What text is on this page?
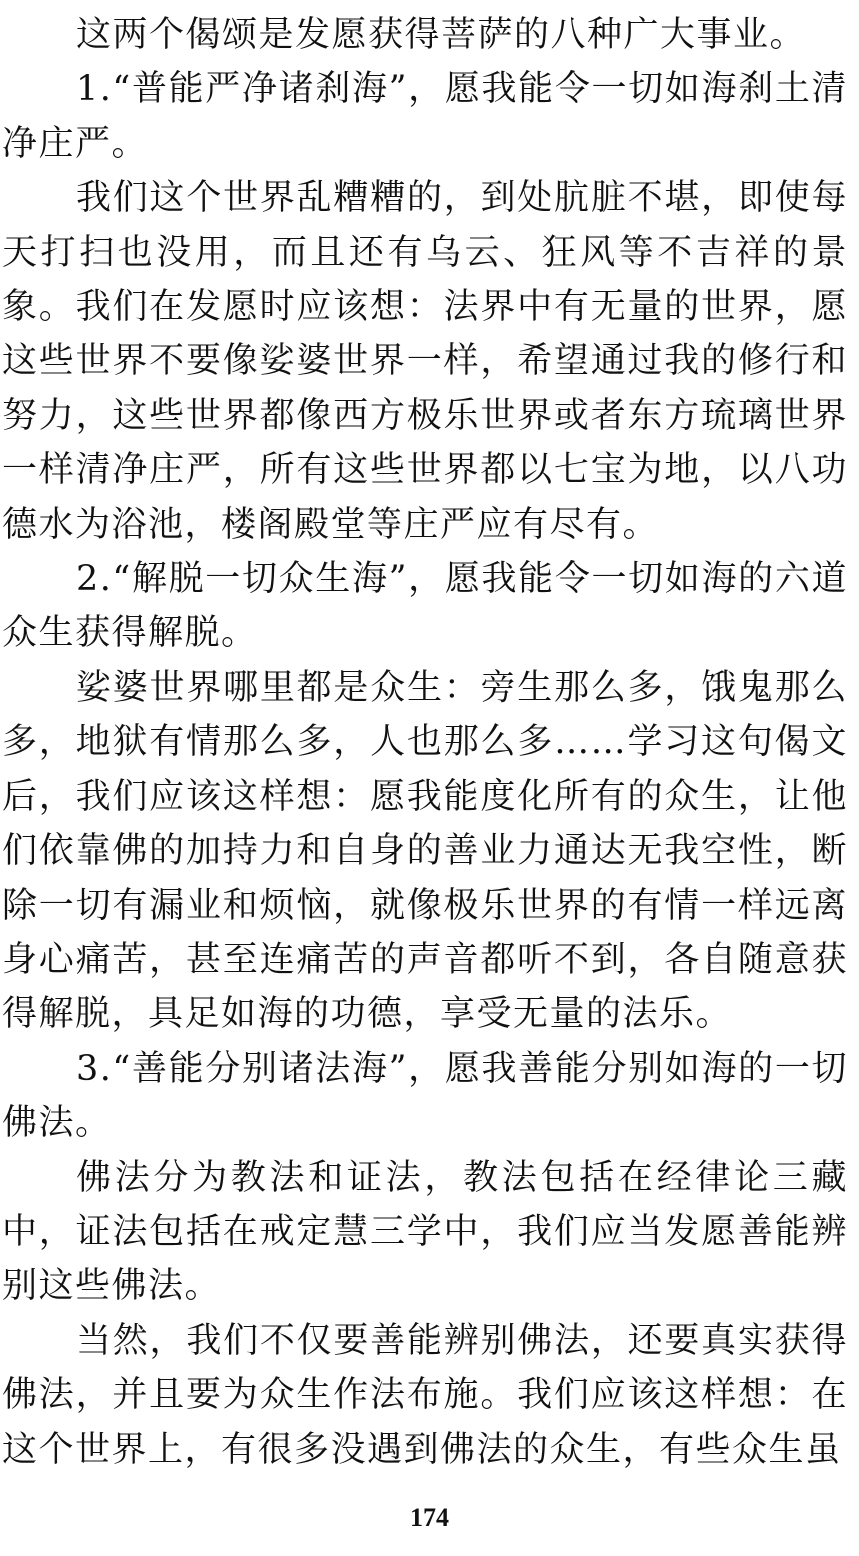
这两个偈颂是发愿获得菩萨的八种广大事业。

1.“普能严净诸刹海”，愿我能令一切如海刹土清净庄严。

我们这个世界乱糟糟的，到处肮脏不堪，即使每天打扫也没用，而且还有乌云、狂风等不吉祥的景象。我们在发愿时应该想：法界中有无量的世界，愿这些世界不要像娑婆世界一样，希望通过我的修行和努力，这些世界都像西方极乐世界或者东方琉璃世界一样清净庄严，所有这些世界都以七宝为地，以八功德水为浴池，楼阁殿堂等庄严应有尽有。

2.“解脱一切众生海”，愿我能令一切如海的六道众生获得解脱。

娑婆世界哪里都是众生：旁生那么多，饿鬼那么多，地狱有情那么多，人也那么多……学习这句偈文后，我们应该这样想：愿我能度化所有的众生，让他们依靠佛的加持力和自身的善业力通达无我空性，断除一切有漏业和烦恼，就像极乐世界的有情一样远离身心痛苦，甚至连痛苦的声音都听不到，各自随意获得解脱，具足如海的功德，享受无量的法乐。

3.“善能分别诸法海”，愿我善能分别如海的一切佛法。

佛法分为教法和证法，教法包括在经律论三藏中，证法包括在戒定慧三学中，我们应当发愿善能辨别这些佛法。

当然，我们不仅要善能辨别佛法，还要真实获得佛法，并且要为众生作法布施。我们应该这样想：在这个世界上，有很多没遇到佛法的众生，有些众生虽

174
